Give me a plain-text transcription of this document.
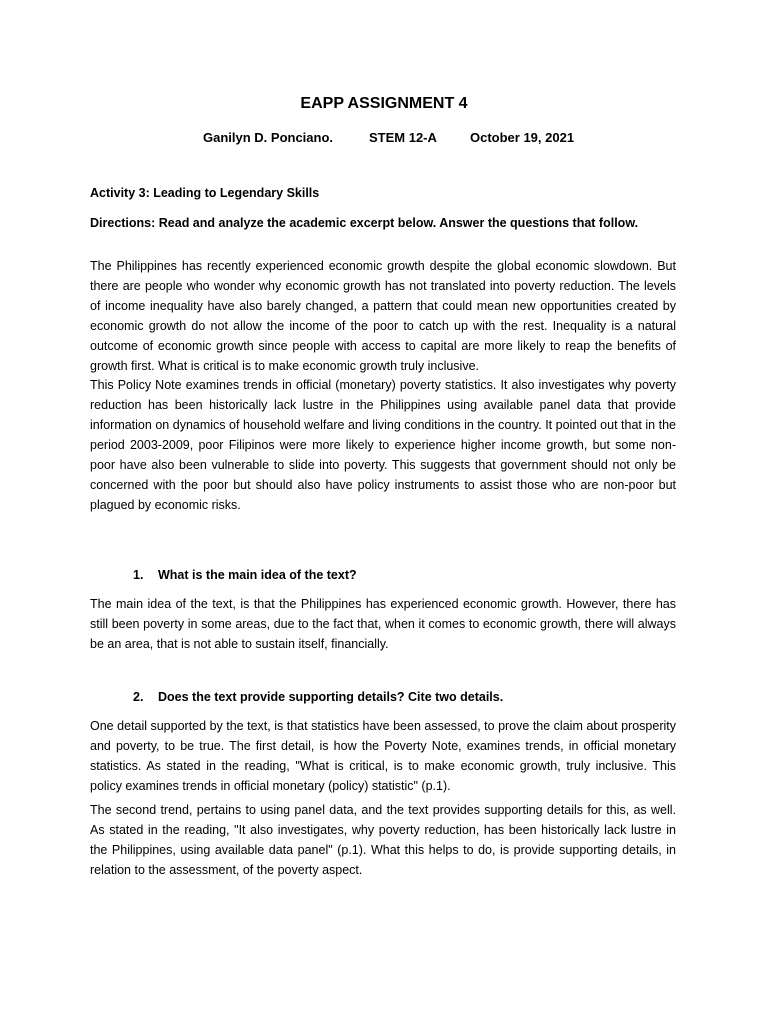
EAPP ASSIGNMENT 4
Ganilyn D. Ponciano.	STEM 12-A	October 19, 2021
Activity 3: Leading to Legendary Skills
Directions: Read and analyze the academic excerpt below. Answer the questions that follow.

The Philippines has recently experienced economic growth despite the global economic slowdown. But there are people who wonder why economic growth has not translated into poverty reduction. The levels of income inequality have also barely changed, a pattern that could mean new opportunities created by economic growth do not allow the income of the poor to catch up with the rest. Inequality is a natural outcome of economic growth since people with access to capital are more likely to reap the benefits of growth first. What is critical is to make economic growth truly inclusive.

This Policy Note examines trends in official (monetary) poverty statistics. It also investigates why poverty reduction has been historically lack lustre in the Philippines using available panel data that provide information on dynamics of household welfare and living conditions in the country. It pointed out that in the period 2003-2009, poor Filipinos were more likely to experience higher income growth, but some non-poor have also been vulnerable to slide into poverty. This suggests that government should not only be concerned with the poor but should also have policy instruments to assist those who are non-poor but plagued by economic risks.

1. What is the main idea of the text?

The main idea of the text, is that the Philippines has experienced economic growth. However, there has still been poverty in some areas, due to the fact that, when it comes to economic growth, there will always be an area, that is not able to sustain itself, financially.

2. Does the text provide supporting details? Cite two details.

One detail supported by the text, is that statistics have been assessed, to prove the claim about prosperity and poverty, to be true. The first detail, is how the Poverty Note, examines trends, in official monetary statistics. As stated in the reading, "What is critical, is to make economic growth, truly inclusive. This policy examines trends in official monetary (policy) statistic" (p.1).

The second trend, pertains to using panel data, and the text provides supporting details for this, as well. As stated in the reading, "It also investigates, why poverty reduction, has been historically lack lustre in the Philippines, using available data panel" (p.1). What this helps to do, is provide supporting details, in relation to the assessment, of the poverty aspect.
